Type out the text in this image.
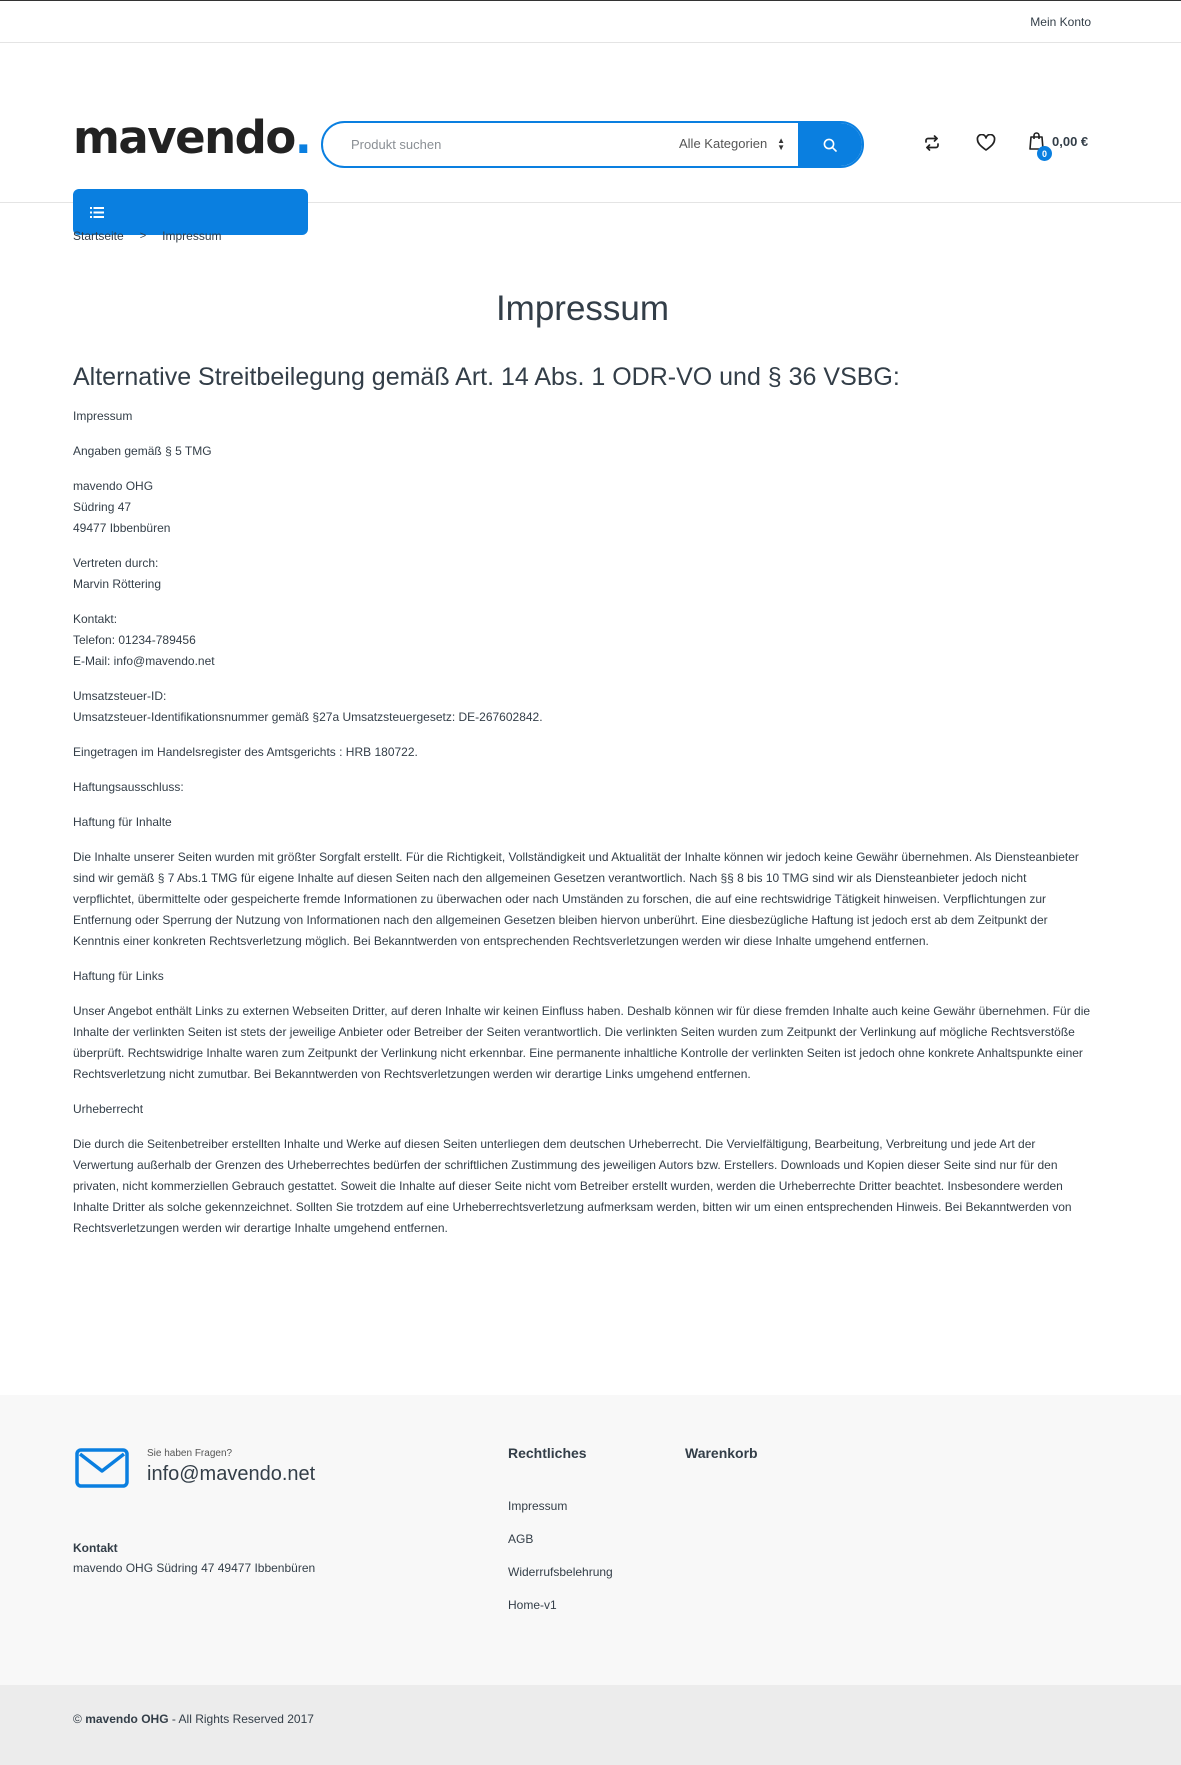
Mein Konto
mavendo.
Produkt suchen	Alle Kategorien ▲
▼
0
0,00 €
Startseite > Impressum
Impressum
Alternative Streitbeilegung gemäß Art. 14 Abs. 1 ODR-VO und § 36 VSBG:

Impressum

Angaben gemäß § 5 TMG

mavendo OHG
Südring 47
49477 Ibbenbüren

Vertreten durch:
Marvin Röttering

Kontakt:
Telefon: 01234-789456
E-Mail: info@mavendo.net

Umsatzsteuer-ID:
Umsatzsteuer-Identifikationsnummer gemäß §27a Umsatzsteuergesetz: DE-267602842.

Eingetragen im Handelsregister des Amtsgerichts : HRB 180722.

Haftungsausschluss:

Haftung für Inhalte

Die Inhalte unserer Seiten wurden mit größter Sorgfalt erstellt. Für die Richtigkeit, Vollständigkeit und Aktualität der Inhalte können wir jedoch keine Gewähr übernehmen. Als Diensteanbieter sind wir gemäß § 7 Abs.1 TMG für eigene Inhalte auf diesen Seiten nach den allgemeinen Gesetzen verantwortlich. Nach §§ 8 bis 10 TMG sind wir als Diensteanbieter jedoch nicht verpflichtet, übermittelte oder gespeicherte fremde Informationen zu überwachen oder nach Umständen zu forschen, die auf eine rechtswidrige Tätigkeit hinweisen. Verpflichtungen zur Entfernung oder Sperrung der Nutzung von Informationen nach den allgemeinen Gesetzen bleiben hiervon unberührt. Eine diesbezügliche Haftung ist jedoch erst ab dem Zeitpunkt der Kenntnis einer konkreten Rechtsverletzung möglich. Bei Bekanntwerden von entsprechenden Rechtsverletzungen werden wir diese Inhalte umgehend entfernen.

Haftung für Links

Unser Angebot enthält Links zu externen Webseiten Dritter, auf deren Inhalte wir keinen Einfluss haben. Deshalb können wir für diese fremden Inhalte auch keine Gewähr übernehmen. Für die Inhalte der verlinkten Seiten ist stets der jeweilige Anbieter oder Betreiber der Seiten verantwortlich. Die verlinkten Seiten wurden zum Zeitpunkt der Verlinkung auf mögliche Rechtsverstöße überprüft. Rechtswidrige Inhalte waren zum Zeitpunkt der Verlinkung nicht erkennbar. Eine permanente inhaltliche Kontrolle der verlinkten Seiten ist jedoch ohne konkrete Anhaltspunkte einer Rechtsverletzung nicht zumutbar. Bei Bekanntwerden von Rechtsverletzungen werden wir derartige Links umgehend entfernen.

Urheberrecht

Die durch die Seitenbetreiber erstellten Inhalte und Werke auf diesen Seiten unterliegen dem deutschen Urheberrecht. Die Vervielfältigung, Bearbeitung, Verbreitung und jede Art der Verwertung außerhalb der Grenzen des Urheberrechtes bedürfen der schriftlichen Zustimmung des jeweiligen Autors bzw. Erstellers. Downloads und Kopien dieser Seite sind nur für den privaten, nicht kommerziellen Gebrauch gestattet. Soweit die Inhalte auf dieser Seite nicht vom Betreiber erstellt wurden, werden die Urheberrechte Dritter beachtet. Insbesondere werden Inhalte Dritter als solche gekennzeichnet. Sollten Sie trotzdem auf eine Urheberrechtsverletzung aufmerksam werden, bitten wir um einen entsprechenden Hinweis. Bei Bekanntwerden von Rechtsverletzungen werden wir derartige Inhalte umgehend entfernen.

Sie haben Fragen?
info@mavendo.net
Kontakt
mavendo OHG Südring 47 49477 Ibbenbüren
Rechtliches
Impressum
AGB
Widerrufsbelehrung
Home-v1
Warenkorb
© mavendo OHG - All Rights Reserved 2017
